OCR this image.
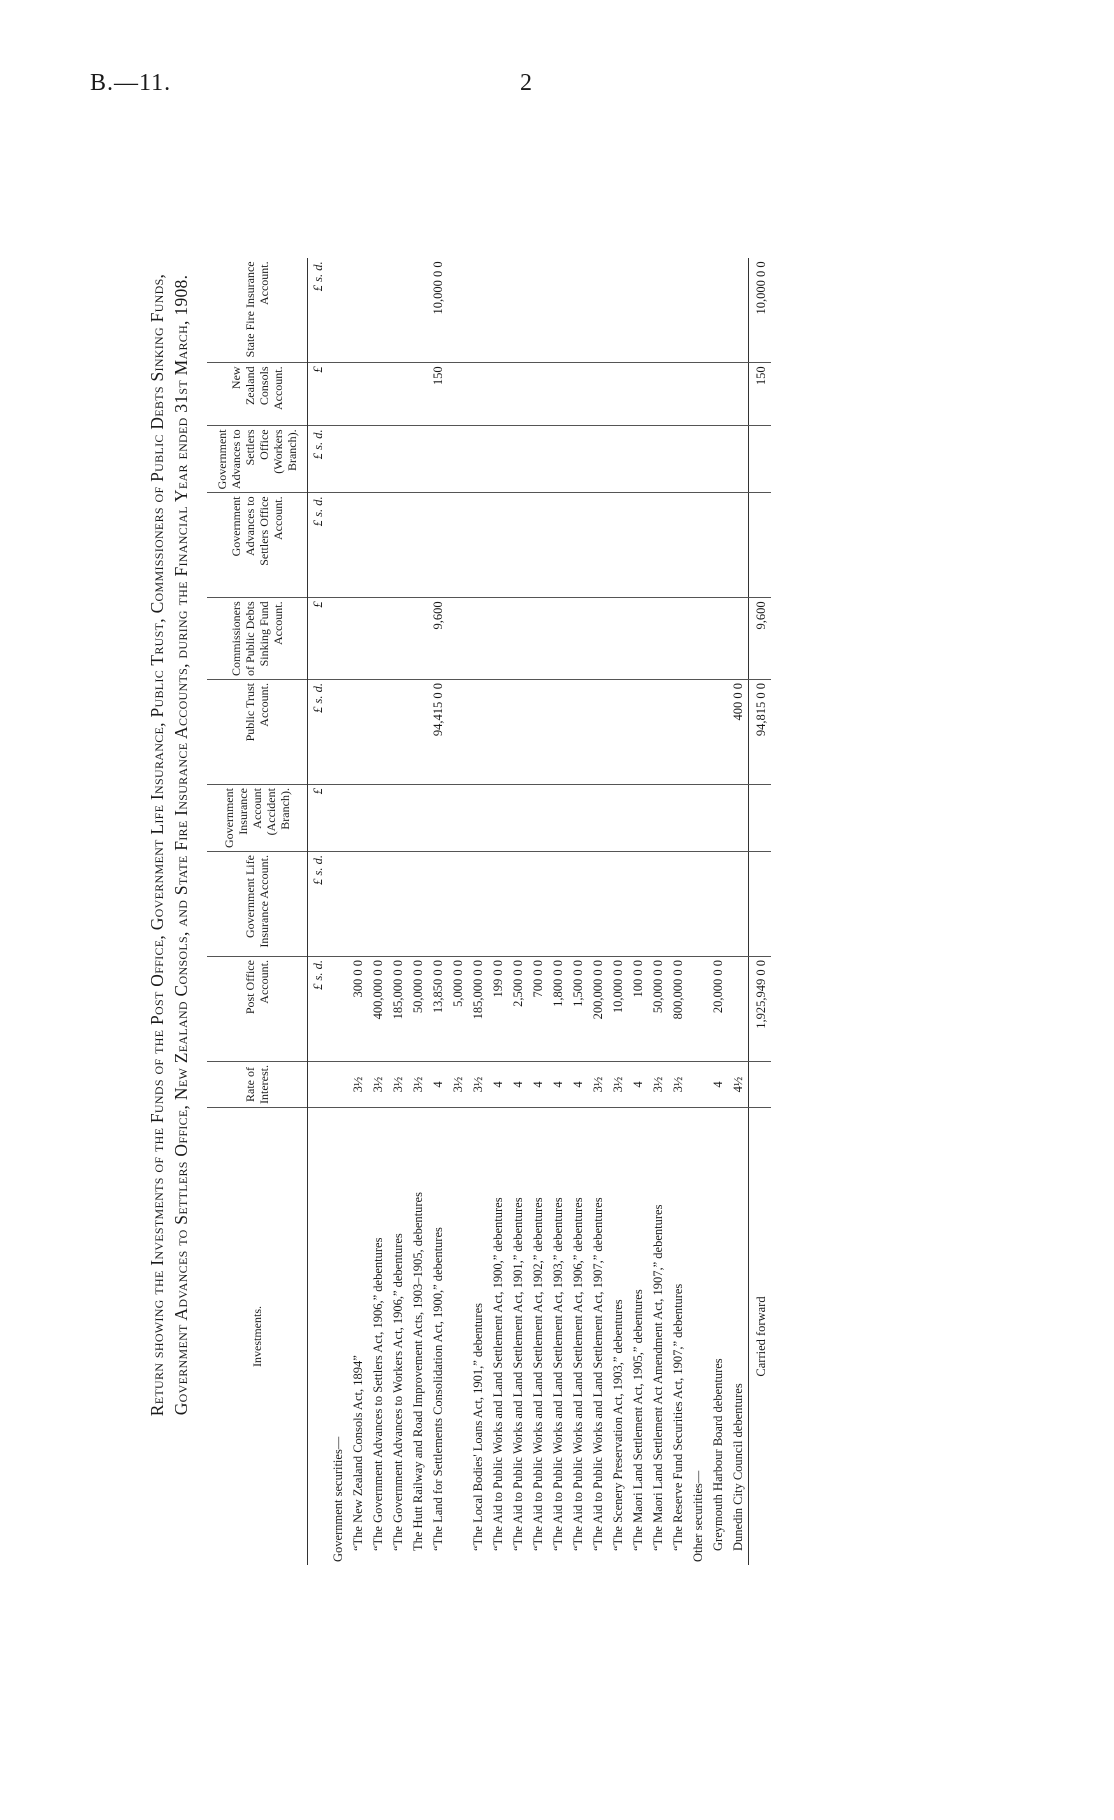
B.—11.	2
Return showing the Investments of the Funds of the Post Office, Government Life Insurance, Public Trust, Commissioners of Public Debts Sinking Funds, Government Advances to Settlers Office, New Zealand Consols, and State Fire Insurance Accounts, during the Financial Year ended 31st March, 1908.	Investments.	Rate of Interest.	Post Office Account.	Government Life Insurance Account.	Government Insurance Account (Accident Branch).	Public Trust Account.	Commissioners of Public Debts Sinking Fund Account.	Government Advances to Settlers Office Account.	Government Advances to Settlers Office (Workers Branch).	New Zealand Consols Account.	State Fire Insurance Account.
		£ s. d.	£ s. d.	£	£ s. d.	£	£ s. d.	£ s. d.	£	£ s. d.
Government securities—										
“The New Zealand Consols Act, 1894”	3½	300 0 0								
“The Government Advances to Settlers Act, 1906,” debentures	3½	400,000 0 0								
“The Government Advances to Workers Act, 1906,” debentures	3½	185,000 0 0								
The Hutt Railway and Road Improvement Acts, 1903–1905, debentures	3½	50,000 0 0								
“The Land for Settlements Consolidation Act, 1900,” debentures	4	13,850 0 0			94,415 0 0	9,600			150	10,000 0 0
	3½	5,000 0 0								
“The Local Bodies' Loans Act, 1901,” debentures	3½	185,000 0 0								
“The Aid to Public Works and Land Settlement Act, 1900,” debentures	4	199 0 0								
“The Aid to Public Works and Land Settlement Act, 1901,” debentures	4	2,500 0 0								
“The Aid to Public Works and Land Settlement Act, 1902,” debentures	4	700 0 0								
“The Aid to Public Works and Land Settlement Act, 1903,” debentures	4	1,800 0 0								
“The Aid to Public Works and Land Settlement Act, 1906,” debentures	4	1,500 0 0								
“The Aid to Public Works and Land Settlement Act, 1907,” debentures	3½	200,000 0 0								
“The Scenery Preservation Act, 1903,” debentures	3½	10,000 0 0								
“The Maori Land Settlement Act, 1905,” debentures	4	100 0 0								
“The Maori Land Settlement Act Amendment Act, 1907,” debentures	3½	50,000 0 0								
“The Reserve Fund Securities Act, 1907,” debentures	3½	800,000 0 0								
Other securities—										
Greymouth Harbour Board debentures	4	20,000 0 0								
Dunedin City Council debentures	4½				400 0 0					
Carried forward		1,925,949 0 0			94,815 0 0	9,600			150	10,000 0 0
